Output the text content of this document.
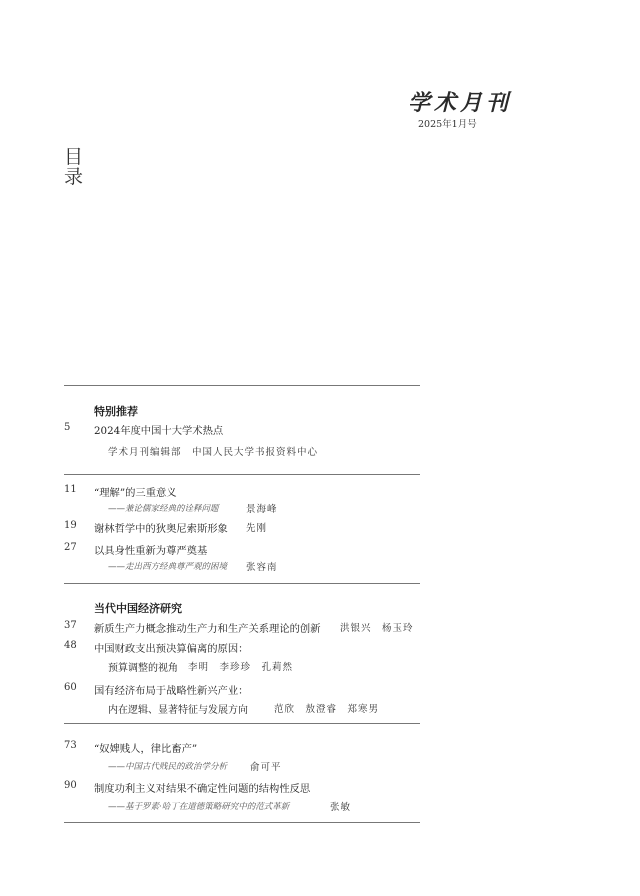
学术月刊
2025年1月号
目录
特别推荐
5 2024年度中国十大学术热点
学术月刊编辑部　中国人民大学书报资料中心
11 “理解”的三重意义
——兼论儒家经典的诠释问题	景海峰
19 谢林哲学中的狄奥尼索斯形象 先刚
27 以具身性重新为尊严奠基
——走出西方经典尊严观的困境 张容南
当代中国经济研究
37 新质生产力概念推动生产力和生产关系理论的创新 洪银兴　杨玉玲
48 中国财政支出预决算偏离的原因：
预算调整的视角 李明　李珍珍　孔莉然
60 国有经济布局于战略性新兴产业：
内在逻辑、显著特征与发展方向	范欣　敖澄睿　郑寒男
73 “奴婢贱人，律比畜产”
——中国古代贱民的政治学分析 俞可平
90 制度功利主义对结果不确定性问题的结构性反思
——基于罗素·哈丁在道德策略研究中的范式革新	张敏
